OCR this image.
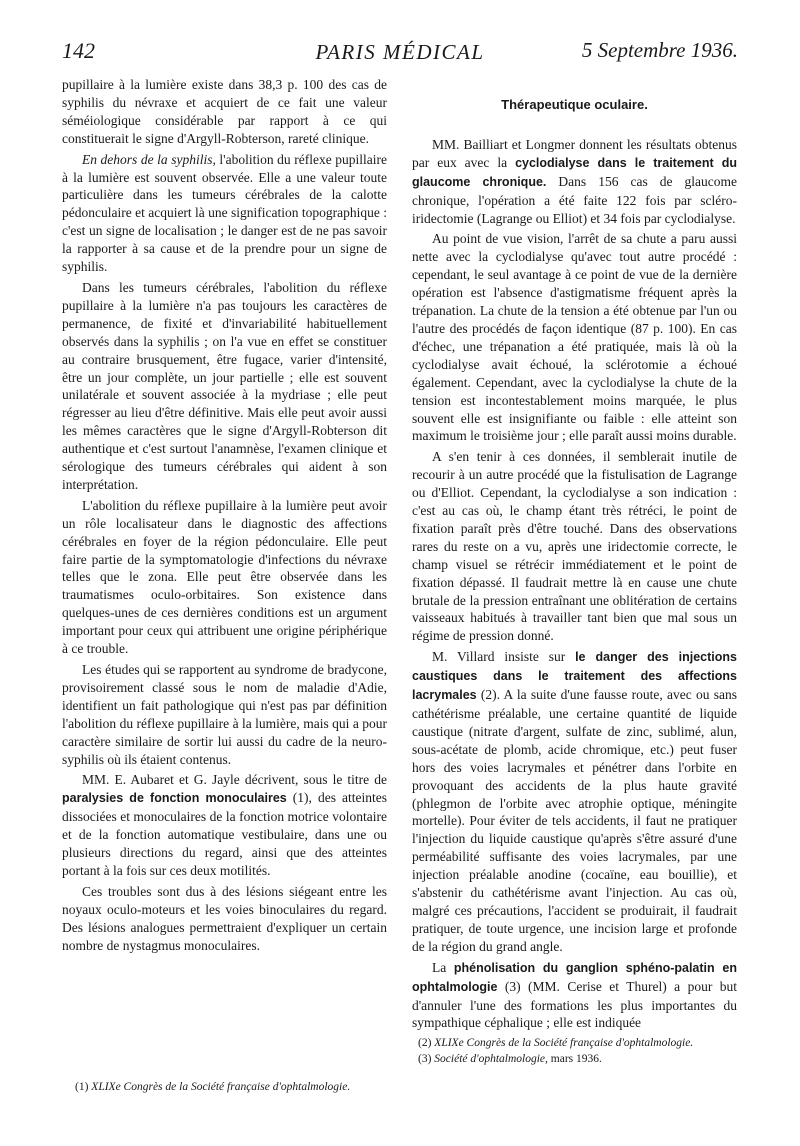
142	PARIS MÉDICAL	5 Septembre 1936.

pupillaire à la lumière existe dans 38,3 p. 100 des cas de syphilis du névraxe et acquiert de ce fait une valeur séméiologique considérable par rapport à ce qui constituerait le signe d'Argyll-Robterson, rareté clinique.

En dehors de la syphilis, l'abolition du réflexe pupillaire à la lumière est souvent observée. Elle a une valeur toute particulière dans les tumeurs cérébrales de la calotte pédonculaire et acquiert là une signification topographique : c'est un signe de localisation ; le danger est de ne pas savoir la rapporter à sa cause et de la prendre pour un signe de syphilis.

Dans les tumeurs cérébrales, l'abolition du réflexe pupillaire à la lumière n'a pas toujours les caractères de permanence, de fixité et d'invariabilité habituellement observés dans la syphilis ; on l'a vue en effet se constituer au contraire brusquement, être fugace, varier d'intensité, être un jour complète, un jour partielle ; elle est souvent unilatérale et souvent associée à la mydriase ; elle peut régresser au lieu d'être définitive. Mais elle peut avoir aussi les mêmes caractères que le signe d'Argyll-Robterson dit authentique et c'est surtout l'anamnèse, l'examen clinique et sérologique des tumeurs cérébrales qui aident à son interprétation.

L'abolition du réflexe pupillaire à la lumière peut avoir un rôle localisateur dans le diagnostic des affections cérébrales en foyer de la région pédonculaire. Elle peut faire partie de la symptomatologie d'infections du névraxe telles que le zona. Elle peut être observée dans les traumatismes oculo-orbitaires. Son existence dans quelques-unes de ces dernières conditions est un argument important pour ceux qui attribuent une origine périphérique à ce trouble.

Les études qui se rapportent au syndrome de bradycone, provisoirement classé sous le nom de maladie d'Adie, identifient un fait pathologique qui n'est pas par définition l'abolition du réflexe pupillaire à la lumière, mais qui a pour caractère similaire de sortir lui aussi du cadre de la neuro-syphilis où ils étaient contenus.

MM. E. Aubaret et G. Jayle décrivent, sous le titre de paralysies de fonction monoculaires (1), des atteintes dissociées et monoculaires de la fonction motrice volontaire et de la fonction automatique vestibulaire, dans une ou plusieurs directions du regard, ainsi que des atteintes portant à la fois sur ces deux motilités.

Ces troubles sont dus à des lésions siégeant entre les noyaux oculo-moteurs et les voies binoculaires du regard. Des lésions analogues permettraient d'expliquer un certain nombre de nystagmus monoculaires.

Thérapeutique oculaire.

MM. Bailliart et Longmer donnent les résultats obtenus par eux avec la cyclodialyse dans le traitement du glaucome chronique. Dans 156 cas de glaucome chronique, l'opération a été faite 122 fois par scléro-iridectomie (Lagrange ou Elliot) et 34 fois par cyclodialyse.

Au point de vue vision, l'arrêt de sa chute a paru aussi nette avec la cyclodialyse qu'avec tout autre procédé : cependant, le seul avantage à ce point de vue de la dernière opération est l'absence d'astigmatisme fréquent après la trépanation. La chute de la tension a été obtenue par l'un ou l'autre des procédés de façon identique (87 p. 100). En cas d'échec, une trépanation a été pratiquée, mais là où la cyclodialyse avait échoué, la sclérotomie a échoué également. Cependant, avec la cyclodialyse la chute de la tension est incontestablement moins marquée, le plus souvent elle est insignifiante ou faible : elle atteint son maximum le troisième jour ; elle paraît aussi moins durable.

A s'en tenir à ces données, il semblerait inutile de recourir à un autre procédé que la fistulisation de Lagrange ou d'Elliot. Cependant, la cyclodialyse a son indication : c'est au cas où, le champ étant très rétréci, le point de fixation paraît près d'être touché. Dans des observations rares du reste on a vu, après une iridectomie correcte, le champ visuel se rétrécir immédiatement et le point de fixation dépassé. Il faudrait mettre là en cause une chute brutale de la pression entraînant une oblitération de certains vaisseaux habitués à travailler tant bien que mal sous un régime de pression donné.

M. Villard insiste sur le danger des injections caustiques dans le traitement des affections lacrymales (2). A la suite d'une fausse route, avec ou sans cathétérisme préalable, une certaine quantité de liquide caustique (nitrate d'argent, sulfate de zinc, sublimé, alun, sous-acétate de plomb, acide chromique, etc.) peut fuser hors des voies lacrymales et pénétrer dans l'orbite en provoquant des accidents de la plus haute gravité (phlegmon de l'orbite avec atrophie optique, méningite mortelle). Pour éviter de tels accidents, il faut ne pratiquer l'injection du liquide caustique qu'après s'être assuré d'une perméabilité suffisante des voies lacrymales, par une injection préalable anodine (cocaïne, eau bouillie), et s'abstenir du cathétérisme avant l'injection. Au cas où, malgré ces précautions, l'accident se produirait, il faudrait pratiquer, de toute urgence, une incision large et profonde de la région du grand angle.

La phénolisation du ganglion sphéno-palatin en ophtalmologie (3) (MM. Cerise et Thurel) a pour but d'annuler l'une des formations les plus importantes du sympathique céphalique ; elle est indiquée

(2) XLIXe Congrès de la Société française d'ophtalmologie.
(3) Société d'ophtalmologie, mars 1936.
(1) XLIXe Congrès de la Société française d'ophtalmologie.
